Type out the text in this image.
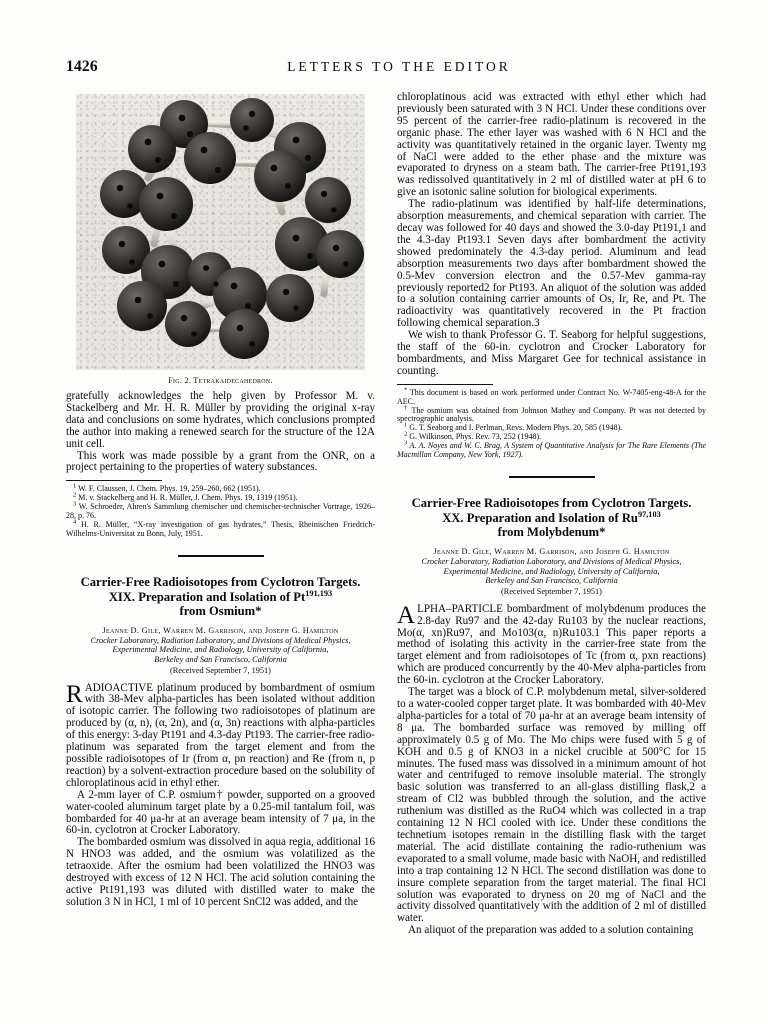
1426	LETTERS TO THE EDITOR
Fig. 2. Tetrakaidecahedron.

gratefully acknowledges the help given by Professor M. v. Stackelberg and Mr. H. R. Müller by providing the original x-ray data and conclusions on some hydrates, which conclusions prompted the author into making a renewed search for the structure of the 12A unit cell.

This work was made possible by a grant from the ONR, on a project pertaining to the properties of watery substances.

$^1$ W. F. Claussen, J. Chem. Phys. 19, 259–260, 662 (1951).
$^2$ M. v. Stackelberg and H. R. Müller, J. Chem. Phys. 19, 1319 (1951).
$^3$ W. Schroeder, Ahren's Sammlung chemischer und chemischer-technischer Vortrage, 1926–28, p. 76.
$^4$ H. R. Müller, “X-ray investigation of gas hydrates,” Thesis, Rheinischen Friedrich-Wilhelms-Universitat zu Bonn, July, 1951.
Carrier-Free Radioisotopes from Cyclotron Targets.
XIX. Preparation and Isolation of Pt$^{191,193}$
from Osmium*
Jeanne D. Gile, Warren M. Garrison, and Joseph G. Hamilton
Crocker Laboratory, Radiation Laboratory, and Divisions of Medical Physics,
Experimental Medicine, and Radiology, University of California,
Berkeley and San Francisco, California
(Received September 7, 1951)

RADIOACTIVE platinum produced by bombardment of osmium with 38-Mev alpha-particles has been isolated without addition of isotopic carrier. The following two radioisotopes of platinum are produced by (α, n), (α, 2n), and (α, 3n) reactions with alpha-particles of this energy: 3-day Pt191 and 4.3-day Pt193. The carrier-free radio-platinum was separated from the target element and from the possible radioisotopes of Ir (from α, pn reaction) and Re (from n, p reaction) by a solvent-extraction procedure based on the solubility of chloroplatinous acid in ethyl ether.

A 2-mm layer of C.P. osmium† powder, supported on a grooved water-cooled aluminum target plate by a 0.25-mil tantalum foil, was bombarded for 40 μa-hr at an average beam intensity of 7 μa, in the 60-in. cyclotron at Crocker Laboratory.

The bombarded osmium was dissolved in aqua regia, additional 16 N HNO3 was added, and the osmium was volatilized as the tetraoxide. After the osmium had been volatilized the HNO3 was destroyed with excess of 12 N HCl. The acid solution containing the active Pt191,193 was diluted with distilled water to make the solution 3 N in HCl, 1 ml of 10 percent SnCl2 was added, and the

chloroplatinous acid was extracted with ethyl ether which had previously been saturated with 3 N HCl. Under these conditions over 95 percent of the carrier-free radio-platinum is recovered in the organic phase. The ether layer was washed with 6 N HCl and the activity was quantitatively retained in the organic layer. Twenty mg of NaCl were added to the ether phase and the mixture was evaporated to dryness on a steam bath. The carrier-free Pt191,193 was redissolved quantitatively in 2 ml of distilled water at pH 6 to give an isotonic saline solution for biological experiments.

The radio-platinum was identified by half-life determinations, absorption measurements, and chemical separation with carrier. The decay was followed for 40 days and showed the 3.0-day Pt191,1 and the 4.3-day Pt193.1 Seven days after bombardment the activity showed predominately the 4.3-day period. Aluminum and lead absorption measurements two days after bombardment showed the 0.5-Mev conversion electron and the 0.57-Mev gamma-ray previously reported2 for Pt193. An aliquot of the solution was added to a solution containing carrier amounts of Os, Ir, Re, and Pt. The radioactivity was quantitatively recovered in the Pt fraction following chemical separation.3

We wish to thank Professor G. T. Seaborg for helpful suggestions, the staff of the 60-in. cyclotron and Crocker Laboratory for bombardments, and Miss Margaret Gee for technical assistance in counting.

* This document is based on work performed under Contract No. W-7405-eng-48-A for the AEC.
† The osmium was obtained from Johnson Mathey and Company. Pt was not detected by spectrographic analysis.
$^1$ G. T. Seaborg and I. Perlman, Revs. Modern Phys. 20, 585 (1948).
$^2$ G. Wilkinson, Phys. Rev. 73, 252 (1948).
$^3$ A. A. Noyes and W. C. Brag, A System of Quantitative Analysis for The Rare Elements (The Macmillan Company, New York, 1927).
Carrier-Free Radioisotopes from Cyclotron Targets.
XX. Preparation and Isolation of Ru$^{97,103}$
from Molybdenum*
Jeanne D. Gile, Warren M. Garrison, and Joseph G. Hamilton
Crocker Laboratory, Radiation Laboratory, and Divisions of Medical Physics,
Experimental Medicine, and Radiology, University of California,
Berkeley and San Francisco, California
(Received September 7, 1951)

ALPHA–PARTICLE bombardment of molybdenum produces the 2.8-day Ru97 and the 42-day Ru103 by the nuclear reactions, Mo(α, xn)Ru97, and Mo103(α, n)Ru103.1 This paper reports a method of isolating this activity in the carrier-free state from the target element and from radioisotopes of Tc (from α, pxn reactions) which are produced concurrently by the 40-Mev alpha-particles from the 60-in. cyclotron at the Crocker Laboratory.

The target was a block of C.P. molybdenum metal, silver-soldered to a water-cooled copper target plate. It was bombarded with 40-Mev alpha-particles for a total of 70 μa-hr at an average beam intensity of 8 μa. The bombarded surface was removed by milling off approximately 0.5 g of Mo. The Mo chips were fused with 5 g of KOH and 0.5 g of KNO3 in a nickel crucible at 500°C for 15 minutes. The fused mass was dissolved in a minimum amount of hot water and centrifuged to remove insoluble material. The strongly basic solution was transferred to an all-glass distilling flask,2 a stream of Cl2 was bubbled through the solution, and the active ruthenium was distilled as the RuO4 which was collected in a trap containing 12 N HCl cooled with ice. Under these conditions the technetium isotopes remain in the distilling flask with the target material. The acid distillate containing the radio-ruthenium was evaporated to a small volume, made basic with NaOH, and redistilled into a trap containing 12 N HCl. The second distillation was done to insure complete separation from the target material. The final HCl solution was evaporated to dryness on 20 mg of NaCl and the activity dissolved quantitatively with the addition of 2 ml of distilled water.

An aliquot of the preparation was added to a solution containing
